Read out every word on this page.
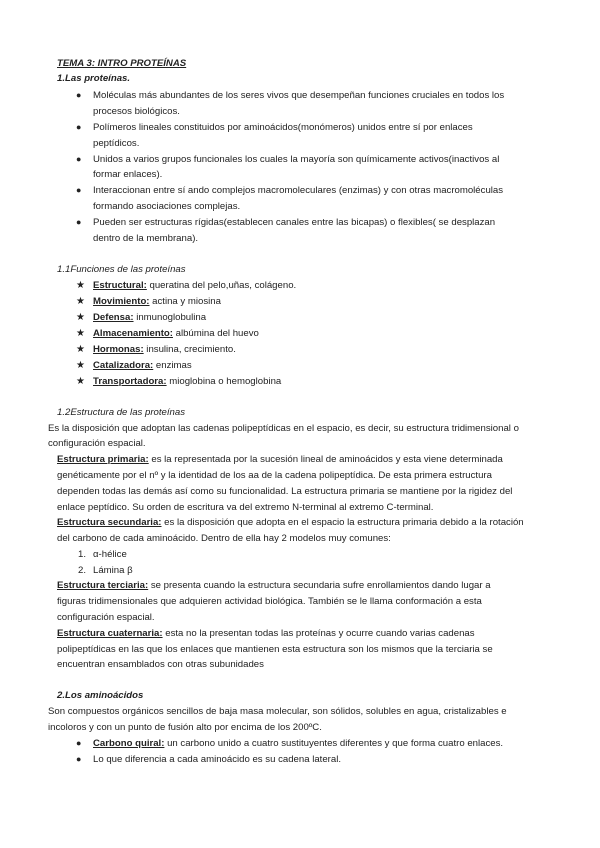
TEMA 3: INTRO PROTEÍNAS
1.Las proteínas.
● Moléculas más abundantes de los seres vivos que desempeñan funciones cruciales en todos los
procesos biológicos.
● Polímeros lineales constituidos por aminoácidos(monómeros) unidos entre sí por enlaces
peptídicos.
● Unidos a varios grupos funcionales los cuales la mayoría son químicamente activos(inactivos al
formar enlaces).
● Interaccionan entre sí ando complejos macromoleculares (enzimas) y con otras macromoléculas
formando asociaciones complejas.
● Pueden ser estructuras rígidas(establecen canales entre las bicapas) o flexibles( se desplazan
dentro de la membrana).
1.1Funciones de las proteínas
★ Estructural: queratina del pelo,uñas, colágeno.
★ Movimiento: actina y miosina
★ Defensa: inmunoglobulina
★ Almacenamiento: albúmina del huevo
★ Hormonas: insulina, crecimiento.
★ Catalizadora: enzimas
★ Transportadora: mioglobina o hemoglobina
1.2Estructura de las proteínas
Es la disposición que adoptan las cadenas polipeptídicas en el espacio, es decir, su estructura tridimensional o
configuración espacial.
Estructura primaria: es la representada por la sucesión lineal de aminoácidos y esta viene determinada
genéticamente por el nº y la identidad de los aa de la cadena polipeptídica. De esta primera estructura
dependen todas las demás así como su funcionalidad. La estructura primaria se mantiene por la rigidez del
enlace peptídico. Su orden de escritura va del extremo N-terminal al extremo C-terminal.
Estructura secundaria: es la disposición que adopta en el espacio la estructura primaria debido a la rotación
del carbono de cada aminoácido. Dentro de ella hay 2 modelos muy comunes:
1. α-hélice
2. Lámina β
Estructura terciaria: se presenta cuando la estructura secundaria sufre enrollamientos dando lugar a
figuras tridimensionales que adquieren actividad biológica. También se le llama conformación a esta
configuración espacial.
Estructura cuaternaria: esta no la presentan todas las proteínas y ocurre cuando varias cadenas
polipeptídicas en las que los enlaces que mantienen esta estructura son los mismos que la terciaria se
encuentran ensamblados con otras subunidades
2.Los aminoácidos
Son compuestos orgánicos sencillos de baja masa molecular, son sólidos, solubles en agua, cristalizables e
incoloros y con un punto de fusión alto por encima de los 200ºC.
● Carbono quiral: un carbono unido a cuatro sustituyentes diferentes y que forma cuatro enlaces.
● Lo que diferencia a cada aminoácido es su cadena lateral.
